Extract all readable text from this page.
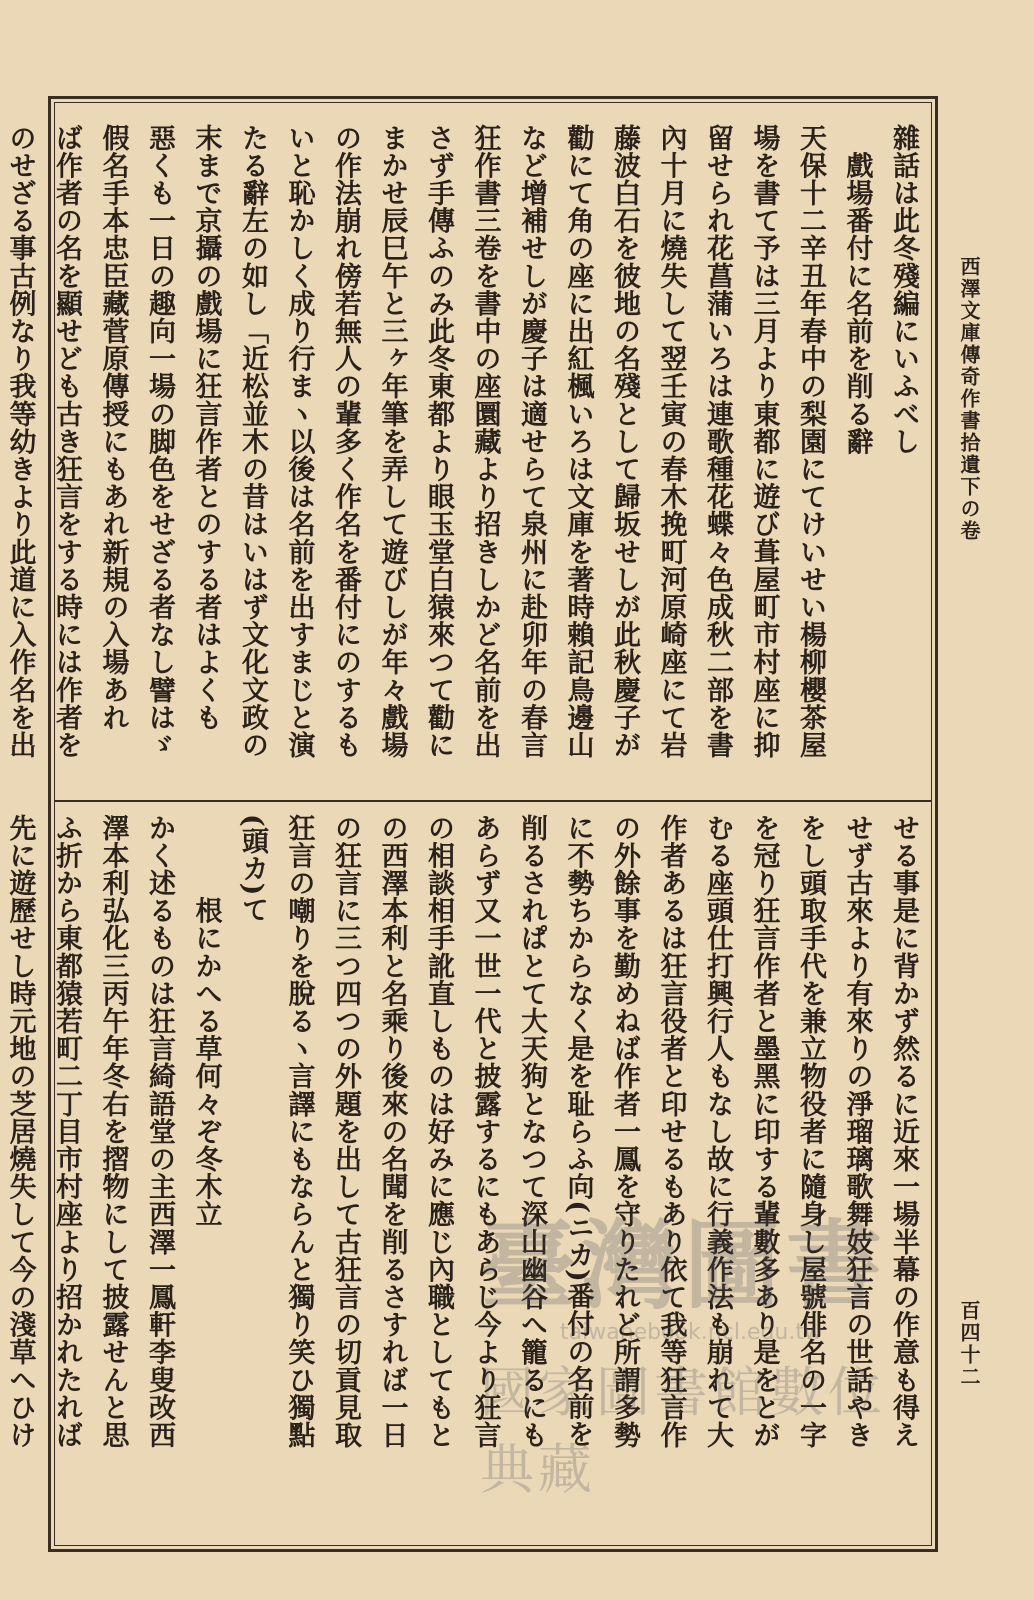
西澤文庫傳奇作書拾遺下の卷
百四十二
雜話は此冬殘編にいふべし
　戲場番付に名前を削る辭
天保十二辛丑年春中の梨園にてけいせい楊柳櫻茶屋
場を書て予は三月より東都に遊び葺屋町市村座に抑
留せられ花菖蒲いろは連歌種花蝶々色成秋二部を書
內十月に燒失して翌壬寅の春木挽町河原崎座にて岩
藤波白石を彼地の名殘として歸坂せしが此秋慶子が
勸にて角の座に出紅楓いろは文庫を著時賴記鳥邊山
など增補せしが慶子は適せらて泉州に赴卯年の春言
狂作書三卷を書中の座圜藏より招きしかど名前を出
さず手傳ふのみ此冬東都より眼玉堂白猿來つて勸に
まかせ辰巳午と三ヶ年筆を弄して遊びしが年々戲場
の作法崩れ傍若無人の輩多く作名を番付にのするも
いと恥かしく成り行まヽ以後は名前を出すまじと演
たる辭左の如し「近松並木の昔はいはず文化文政の
末まで京攝の戲場に狂言作者とのする者はよくも
惡くも一日の趣向一場の脚色をせざる者なし譬はゞ
假名手本忠臣藏菅原傳授にもあれ新規の入場あれ
ば作者の名を顯せども古き狂言をする時には作者を
のせざる事古例なり我等幼きより此道に入作名を出
せる事是に背かず然るに近來一場半幕の作意も得え
せず古來より有來りの淨瑠璃歌舞妓狂言の世話やき
をし頭取手代を兼立物役者に隨身し屋號俳名の一字
を冠り狂言作者と墨黑に印する輩數多あり是をとが
むる座頭仕打興行人もなし故に行義作法も崩れて大
作者あるは狂言役者と印せるもあり依て我等狂言作
の外餘事を勤めねば作者一鳳を守りたれど所謂多勢
に不勢ちからなく是を耻らふ向(ニカ)番付の名前を
削るされぱとて大天狗となつて深山幽谷へ籠るにも
あらず又一世一代と披露するにもあらじ今より狂言
の相談相手訛直しものは好みに應じ內職としてもと
の西澤本利と名乘り後來の名聞を削るさすれば一日
の狂言に三つ四つの外題を出して古狂言の切貢見取
狂言の嘲りを脫るヽ言譯にもならんと獨り笑ひ獨點
(頭カ)て
　　　根にかへる草何々ぞ冬木立
かく述るものは狂言綺語堂の主西澤一鳳軒李叟改西
澤本利弘化三丙午年冬右を摺物にして披露せんと思
ふ折から東都猿若町二丁目市村座より招かれたれば
先に遊歷せし時元地の芝居燒失して今の淺草へひけ	臺灣圖書
taiwanebook.ncl.edu.tw
國家圖書館數位典藏
